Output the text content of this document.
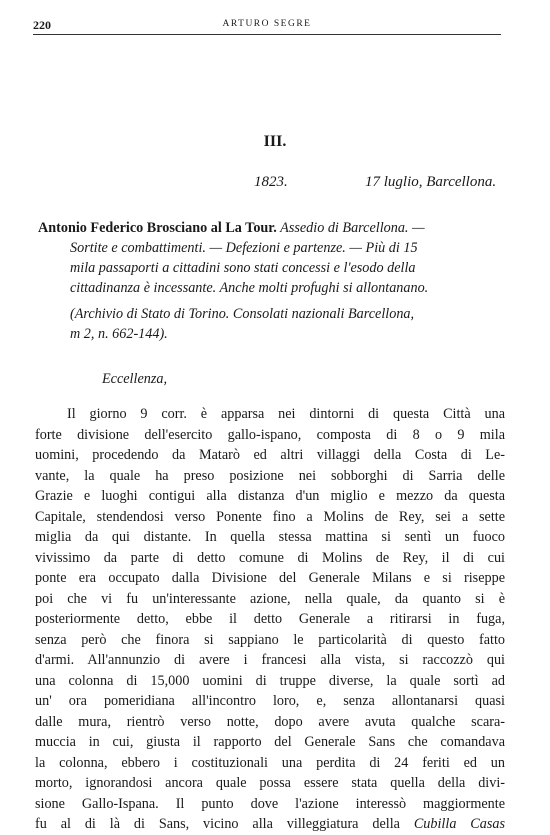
220	ARTURO SEGRE
III.
1823.	17 luglio, Barcellona.
Antonio Federico Brosciano al La Tour. Assedio di Barcellona. —
Sortite e combattimenti. — Defezioni e partenze. — Più di 15
mila passaporti a cittadini sono stati concessi e l'esodo della
cittadinanza è incessante. Anche molti profughi si allontanano.
(Archivio di Stato di Torino. Consolati nazionali Barcellona,
m 2, n. 662-144).
Eccellenza,
Il giorno 9 corr. è apparsa nei dintorni di questa Città una
forte divisione dell'esercito gallo-ispano, composta di 8 o 9 mila
uomini, procedendo da Matarò ed altri villaggi della Costa di Le-
vante, la quale ha preso posizione nei sobborghi di Sarria delle
Grazie e luoghi contigui alla distanza d'un miglio e mezzo da questa
Capitale, stendendosi verso Ponente fino a Molins de Rey, sei a sette
miglia da qui distante. In quella stessa mattina si sentì un fuoco
vivissimo da parte di detto comune di Molins de Rey, il di cui
ponte era occupato dalla Divisione del Generale Milans e si riseppe
poi che vi fu un'interessante azione, nella quale, da quanto si è
posteriormente detto, ebbe il detto Generale a ritirarsi in fuga,
senza però che finora si sappiano le particolarità di questo fatto
d'armi. All'annunzio di avere i francesi alla vista, si raccozzò qui
una colonna di 15,000 uomini di truppe diverse, la quale sortì ad
un' ora pomeridiana all'incontro loro, e, senza allontanarsi quasi
dalle mura, rientrò verso notte, dopo avere avuta qualche scara-
muccia in cui, giusta il rapporto del Generale Sans che comandava
la colonna, ebbero i costituzionali una perdita di 24 feriti ed un
morto, ignorandosi ancora quale possa essere stata quella della divi-
sione Gallo-Ispana. Il punto dove l'azione interessò maggiormente
fu al di là di Sans, vicino alla villeggiatura della Cubilla Casas
